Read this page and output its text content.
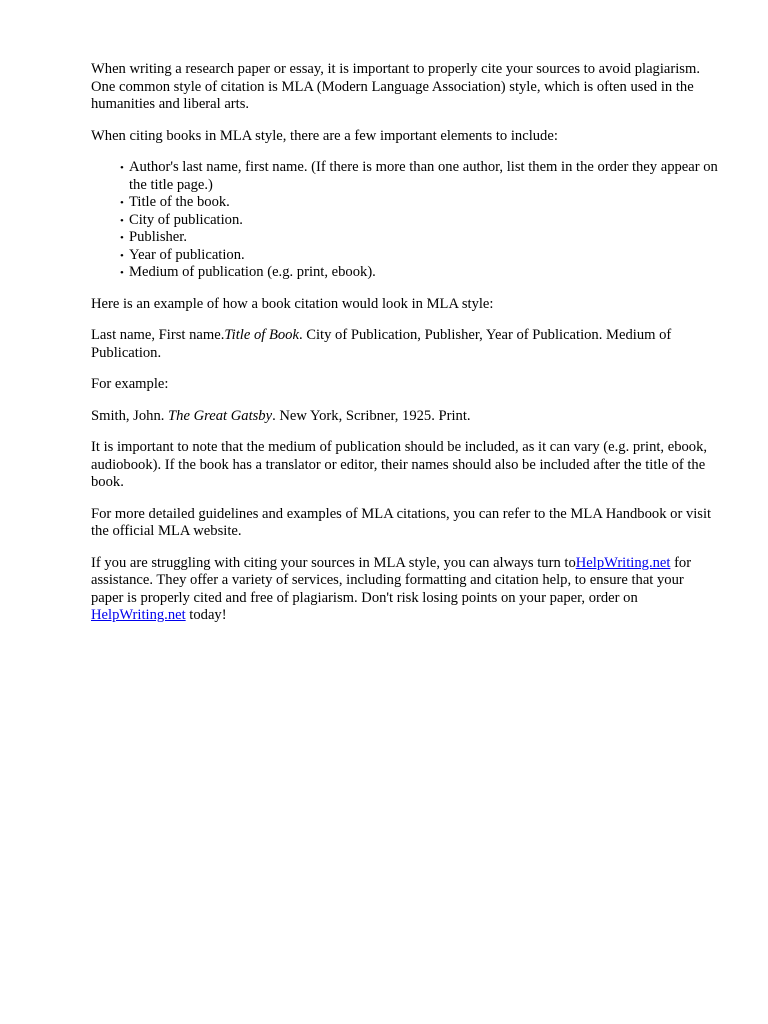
When writing a research paper or essay, it is important to properly cite your sources to avoid plagiarism. One common style of citation is MLA (Modern Language Association) style, which is often used in the humanities and liberal arts.

When citing books in MLA style, there are a few important elements to include:

• Author's last name, first name. (If there is more than one author, list them in the order they appear on the title page.)
• Title of the book.
• City of publication.
• Publisher.
• Year of publication.
• Medium of publication (e.g. print, ebook).

Here is an example of how a book citation would look in MLA style:

Last name, First name.Title of Book. City of Publication, Publisher, Year of Publication. Medium of Publication.

For example:

Smith, John. The Great Gatsby. New York, Scribner, 1925. Print.

It is important to note that the medium of publication should be included, as it can vary (e.g. print, ebook, audiobook). If the book has a translator or editor, their names should also be included after the title of the book.

For more detailed guidelines and examples of MLA citations, you can refer to the MLA Handbook or visit the official MLA website.

If you are struggling with citing your sources in MLA style, you can always turn toHelpWriting.net for assistance. They offer a variety of services, including formatting and citation help, to ensure that your paper is properly cited and free of plagiarism. Don't risk losing points on your paper, order on HelpWriting.net today!
